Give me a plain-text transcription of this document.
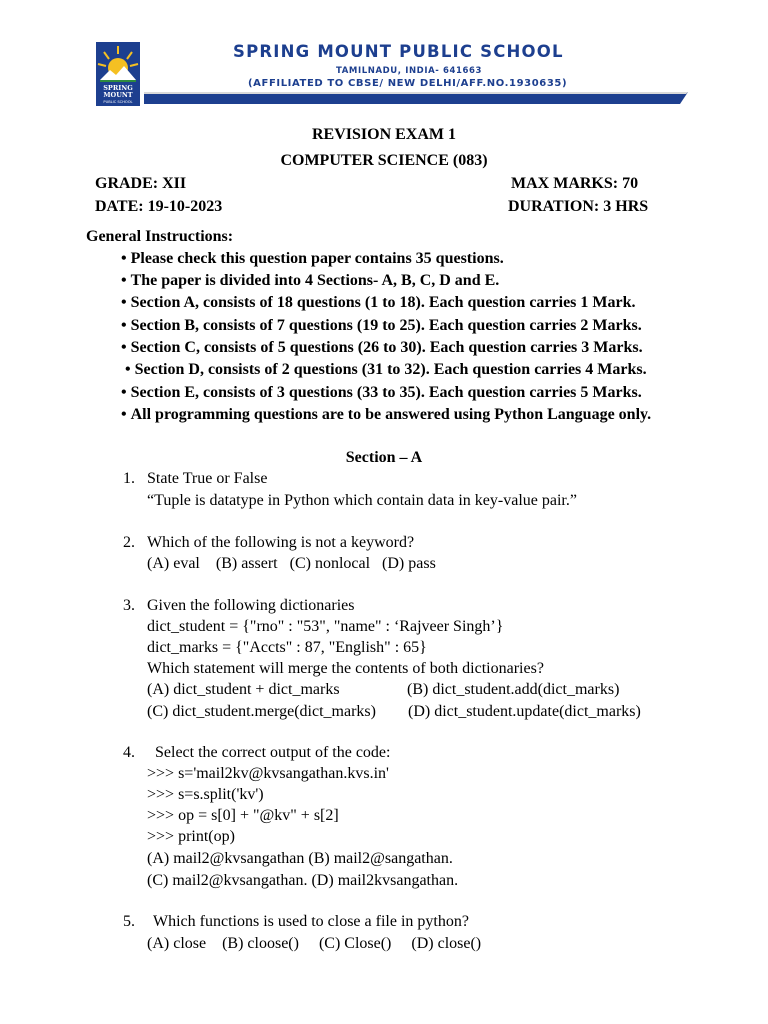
SPRING
MOUNT
PUBLIC SCHOOL
SPRING MOUNT PUBLIC SCHOOL
TAMILNADU, INDIA- 641663
(AFFILIATED TO CBSE/ NEW DELHI/AFF.NO.1930635)
REVISION EXAM 1
COMPUTER SCIENCE (083)
GRADE: XII	MAX MARKS: 70
DATE: 19-10-2023	DURATION: 3 HRS
General Instructions:
• Please check this question paper contains 35 questions.
• The paper is divided into 4 Sections- A, B, C, D and E.
• Section A, consists of 18 questions (1 to 18). Each question carries 1 Mark.
• Section B, consists of 7 questions (19 to 25). Each question carries 2 Marks.
• Section C, consists of 5 questions (26 to 30). Each question carries 3 Marks.
• Section D, consists of 2 questions (31 to 32). Each question carries 4 Marks.
• Section E, consists of 3 questions (33 to 35). Each question carries 5 Marks.
• All programming questions are to be answered using Python Language only.
Section – A
1. State True or False
“Tuple is datatype in Python which contain data in key-value pair.”
2. Which of the following is not a keyword?
(A) eval    (B) assert   (C) nonlocal   (D) pass
3. Given the following dictionaries
dict_student = {"rno" : "53", "name" : ‘Rajveer Singh’}
dict_marks = {"Accts" : 87, "English" : 65}
Which statement will merge the contents of both dictionaries?
(A) dict_student + dict_marks	(B) dict_student.add(dict_marks)
(C) dict_student.merge(dict_marks) (D) dict_student.update(dict_marks)
4. Select the correct output of the code:
>>> s='mail2kv@kvsangathan.kvs.in'
>>> s=s.split('kv')
>>> op = s[0] + "@kv" + s[2]
>>> print(op)
(A) mail2@kvsangathan (B) mail2@sangathan.
(C) mail2@kvsangathan. (D) mail2kvsangathan.
5. Which functions is used to close a file in python?
(A) close    (B) cloose()     (C) Close()     (D) close()
